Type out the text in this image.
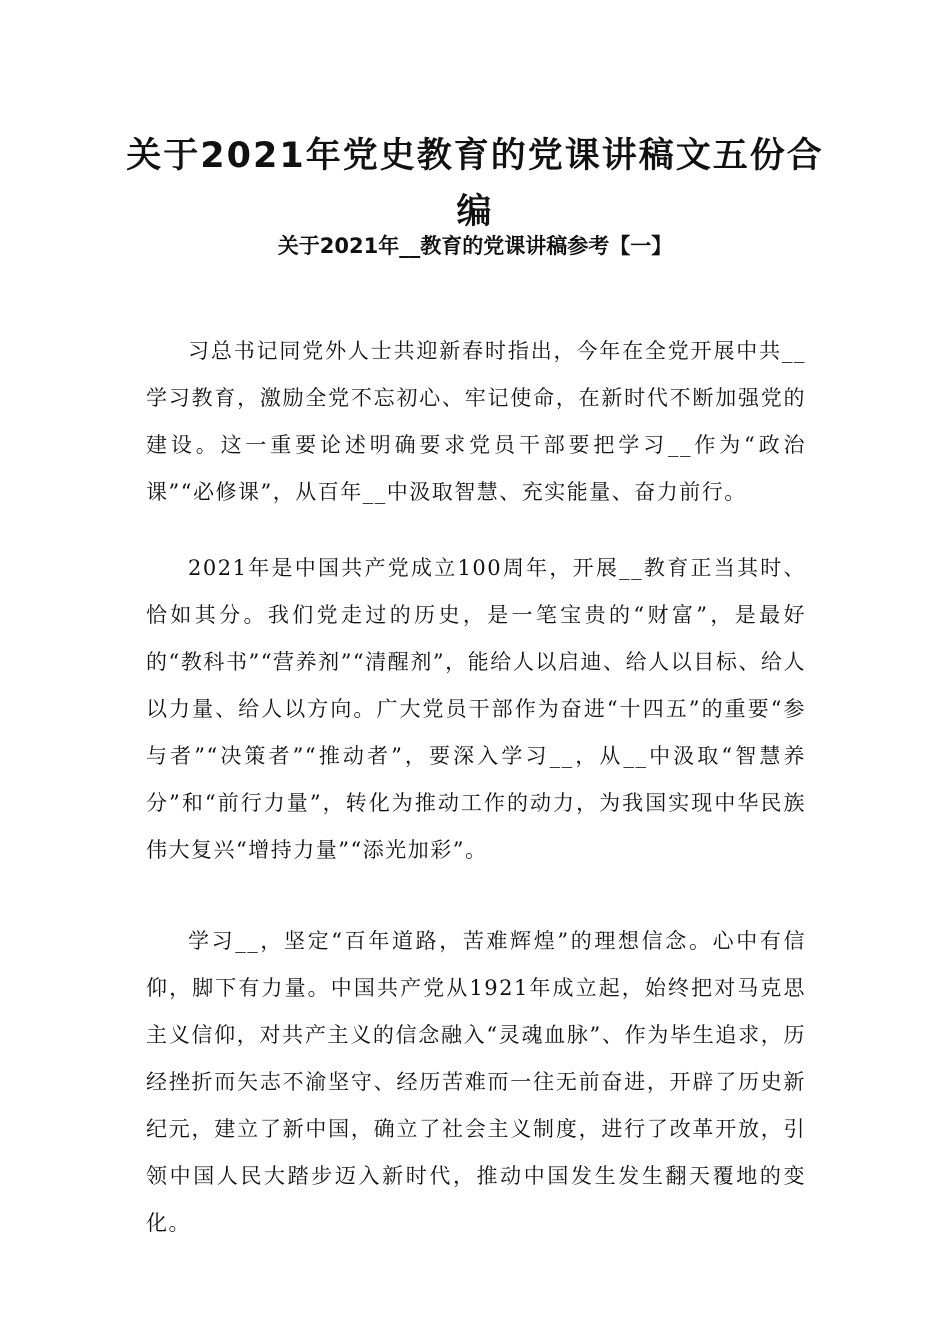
关于2021年党史教育的党课讲稿文五份合编
关于2021年__教育的党课讲稿参考【一】

习总书记同党外人士共迎新春时指出，今年在全党开展中共__学习教育，激励全党不忘初心、牢记使命，在新时代不断加强党的建设。这一重要论述明确要求党员干部要把学习__作为“政治课”“必修课”，从百年__中汲取智慧、充实能量、奋力前行。

2021年是中国共产党成立100周年，开展__教育正当其时、恰如其分。我们党走过的历史，是一笔宝贵的“财富”，是最好的“教科书”“营养剂”“清醒剂”，能给人以启迪、给人以目标、给人以力量、给人以方向。广大党员干部作为奋进“十四五”的重要“参与者”“决策者”“推动者”，要深入学习__，从__中汲取“智慧养分”和“前行力量”，转化为推动工作的动力，为我国实现中华民族伟大复兴“增持力量”“添光加彩”。

学习__，坚定“百年道路，苦难辉煌”的理想信念。心中有信仰，脚下有力量。中国共产党从1921年成立起，始终把对马克思主义信仰，对共产主义的信念融入“灵魂血脉”、作为毕生追求，历经挫折而矢志不渝坚守、经历苦难而一往无前奋进，开辟了历史新纪元，建立了新中国，确立了社会主义制度，进行了改革开放，引领中国人民大踏步迈入新时代，推动中国发生发生翻天覆地的变化。
